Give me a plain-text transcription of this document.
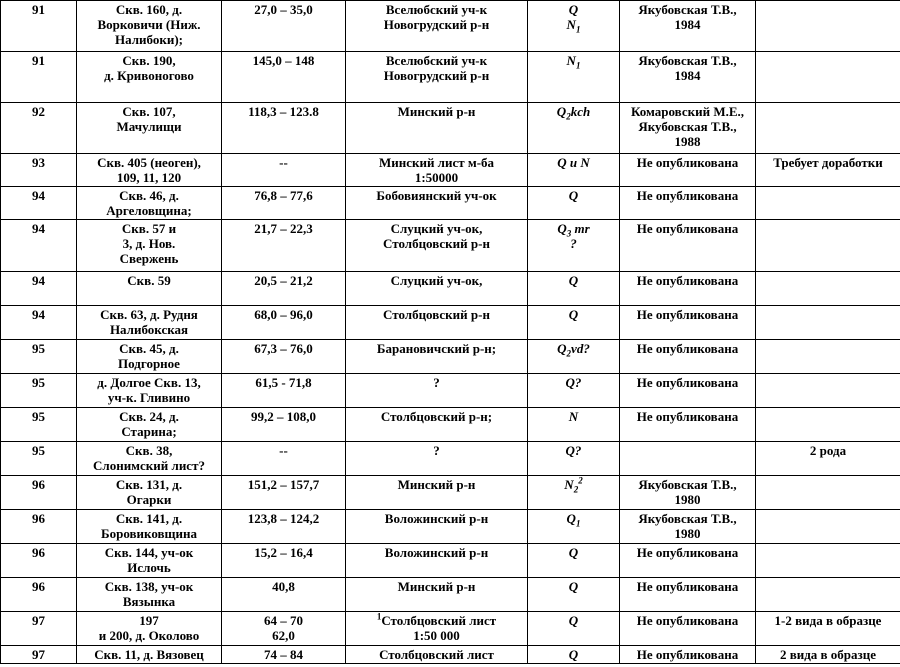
91	Скв. 160, д.
Ворковичи (Ниж.
Налибоки);	27,0 – 35,0	Вселюбский уч-к
Новогрудский р-н	Q
$N_1$	Якубовская Т.В.,
1984	

91	Скв. 190,
д. Кривоногово	145,0 – 148	Вселюбский уч-к
Новогрудский р-н	$N_1$	Якубовская Т.В.,
1984	

92	Скв. 107,
Мачулищи	118,3 – 123.8	Минский р-н	$Q_2kch$	Комаровский М.Е.,
Якубовская Т.В.,
1988	

93	Скв. 405 (неоген),
109, 11, 120	--	Минский лист м-ба
1:50000	Q и N	Не опубликована	Требует доработки

94	Скв. 46, д.
Аргеловщина;	76,8 – 77,6	Бобовиянский уч-ок	Q	Не опубликована	

94	Скв. 57 и
3, д. Нов.
Свержень	21,7 – 22,3	Слуцкий уч-ок,
Столбцовский р-н	$Q_3$ mr
?	Не опубликована	

94	Скв. 59	20,5 – 21,2	Слуцкий уч-ок,	Q	Не опубликована	

94	Скв. 63, д. Рудня
Налибокская	68,0 – 96,0	Столбцовский р-н	Q	Не опубликована	

95	Скв. 45, д.
Подгорное	67,3 – 76,0	Барановичский р-н;	$Q_2vd$?	Не опубликована	

95	д. Долгое Скв. 13,
уч-к. Гливино	61,5 - 71,8	?	Q?	Не опубликована	

95	Скв. 24, д.
Старина;	99,2 – 108,0	Столбцовский р-н;	N	Не опубликована	

95	Скв. 38,
Слонимский лист?	--	?	Q?		2 рода

96	Скв. 131, д.
Огарки	151,2 – 157,7	Минский р-н	$N_2^2$	Якубовская Т.В.,
1980	

96	Скв. 141, д.
Боровиковщина	123,8 – 124,2	Воложинский р-н	$Q_1$	Якубовская Т.В.,
1980	

96	Скв. 144, уч-ок
Ислочь	15,2 – 16,4	Воложинский р-н	Q	Не опубликована	

96	Скв. 138, уч-ок
Вязынка	40,8	Минский р-н	Q	Не опубликована	

97	197
и 200, д. Околово	64 – 70
62,0	$^1$Столбцовский лист
1:50 000	Q	Не опубликована	1-2 вида в образце

97	Скв. 11, д. Вязовец	74 – 84	Столбцовский лист	Q	Не опубликована	2 вида в образце
